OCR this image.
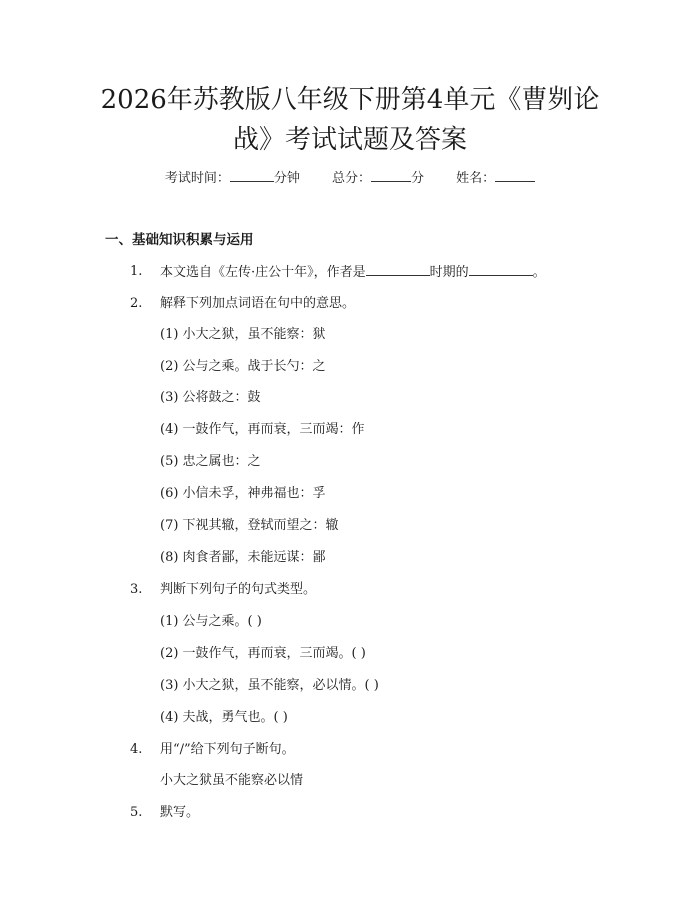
2026年苏教版八年级下册第4单元《曹刿论战》考试试题及答案
考试时间：	分钟 总分：	分 姓名：
一、基础知识积累与运用
1. 本文选自《左传·庄公十年》，作者是	时期的	。
2. 解释下列加点词语在句中的意思。
(1) 小大之狱，虽不能察：狱
(2) 公与之乘。战于长勺：之
(3) 公将鼓之：鼓
(4) 一鼓作气，再而衰，三而竭：作
(5) 忠之属也：之
(6) 小信未孚，神弗福也：孚
(7) 下视其辙，登轼而望之：辙
(8) 肉食者鄙，未能远谋：鄙
3. 判断下列句子的句式类型。
(1) 公与之乘。( )
(2) 一鼓作气，再而衰，三而竭。( )
(3) 小大之狱，虽不能察，必以情。( )
(4) 夫战，勇气也。( )
4. 用“/”给下列句子断句。
小大之狱虽不能察必以情
5. 默写。
